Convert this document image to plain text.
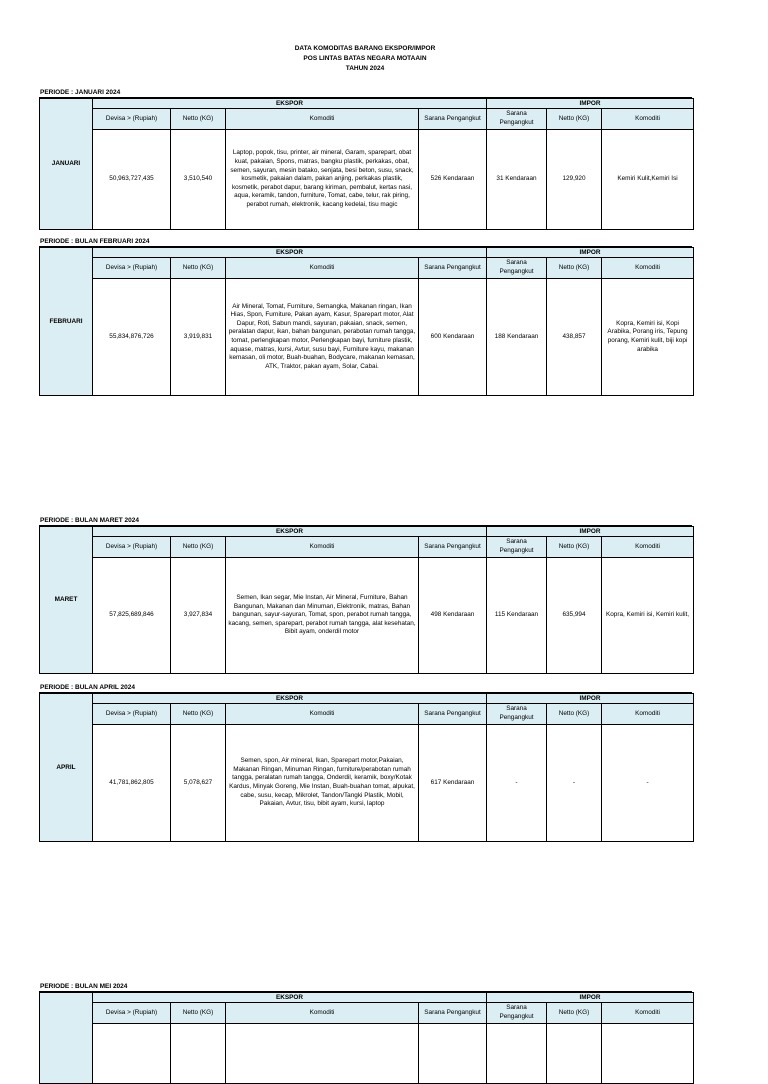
DATA KOMODITAS BARANG EKSPOR/IMPOR
POS LINTAS BATAS NEGARA MOTAAIN
TAHUN 2024
PERIODE : JANUARI 2024
JANUARI	EKSPOR				IMPOR		
	Devisa > (Rupiah)	Netto (KG)	Komoditi	Sarana Pengangkut	Sarana Pengangkut	Netto (KG)	Komoditi
	50,963,727,435	3,510,540	Laptop, popok, tisu, printer, air mineral, Garam, sparepart, obat kuat, pakaian, Spons, matras, bangku plastik, perkakas, obat, semen, sayuran, mesin batako, senjata, besi beton, susu, snack, kosmetik, pakaian dalam, pakan anjing, perkakas plastik, kosmetik, perabot dapur, barang kiriman, pembalut, kertas nasi, aqua, keramik, tandon, furniture, Tomat, cabe, telur, rak piring, perabot rumah, elektronik, kacang kedelai, tisu magic	526 Kendaraan	31 Kendaraan	129,920	Kemiri Kulit,Kemiri Isi
PERIODE : BULAN FEBRUARI 2024
FEBRUARI	EKSPOR				IMPOR		
	Devisa > (Rupiah)	Netto (KG)	Komoditi	Sarana Pengangkut	Sarana Pengangkut	Netto (KG)	Komoditi
	55,834,876,726	3,919,831	Air Mineral, Tomat, Furniture, Semangka, Makanan ringan, Ikan Hias, Spon, Furniture, Pakan ayam, Kasur, Sparepart motor, Alat Dapur, Roti, Sabun mandi, sayuran, pakaian, snack, semen, peralatan dapur, ikan, bahan bangunan, perabotan rumah tangga, tomat, perlengkapan motor, Perlengkapan bayi, furniture plastik, aquase, matras, kursi, Avtur, susu bayi, Furniture kayu, makanan kemasan, oli motor, Buah-buahan, Bodycare, makanan kemasan, ATK, Traktor, pakan ayam, Solar, Cabai.	600 Kendaraan	188 Kendaraan	438,857	Kopra, Kemiri isi, Kopi Arabika, Porang iris, Tepung porang, Kemiri kulit, biji kopi arabika
PERIODE : BULAN MARET 2024
MARET	EKSPOR				IMPOR		
	Devisa > (Rupiah)	Netto (KG)	Komoditi	Sarana Pengangkut	Sarana Pengangkut	Netto (KG)	Komoditi
	57,825,689,846	3,927,834	Semen, Ikan segar, Mie Instan, Air Mineral, Furniture, Bahan Bangunan, Makanan dan Minuman, Elektronik, matras, Bahan bangunan, sayur-sayuran, Tomat, spon, perabot rumah tangga, kacang, semen, sparepart, perabot rumah tangga, alat kesehatan, Bibit ayam, onderdil motor	498 Kendaraan	115 Kendaraan	635,994	Kopra, Kemiri isi, Kemiri kulit,
PERIODE : BULAN APRIL 2024
APRIL	EKSPOR				IMPOR		
	Devisa > (Rupiah)	Netto (KG)	Komoditi	Sarana Pengangkut	Sarana Pengangkut	Netto (KG)	Komoditi
	41,781,862,805	5,078,627	Semen, spon, Air mineral, Ikan, Sparepart motor,Pakaian, Makanan Ringan, Minuman Ringan, furniture/perabotan rumah tangga, peralatan rumah tangga, Onderdil, keramik, boxy/Kotak Kardus, Minyak Goreng, Mie Instan, Buah-buahan tomat, alpukat, cabe, susu, kecap, Mikrolet, Tandon/Tangki Plastik, Mobil, Pakaian, Avtur, tisu, bibit ayam, kursi, laptop	617 Kendaraan	-	-	-
PERIODE : BULAN MEI 2024
	EKSPOR				IMPOR		
	Devisa > (Rupiah)	Netto (KG)	Komoditi	Sarana Pengangkut	Sarana Pengangkut	Netto (KG)	Komoditi
